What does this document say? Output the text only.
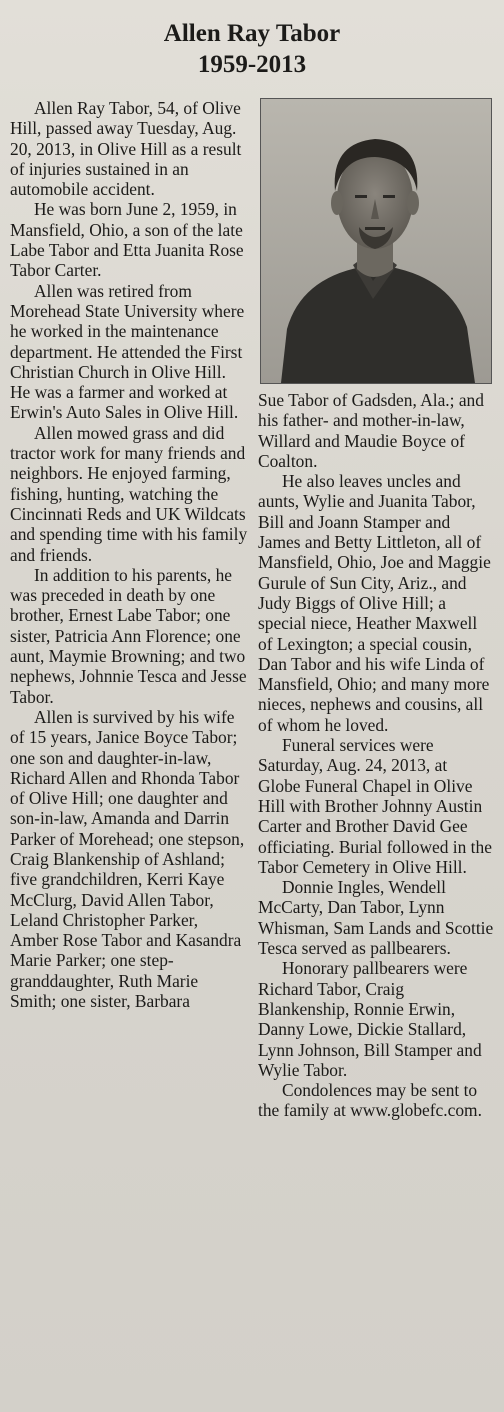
Allen Ray Tabor
1959-2013

Allen Ray Tabor, 54, of Olive Hill, passed away Tuesday, Aug. 20, 2013, in Olive Hill as a result of injuries sustained in an automobile accident.

He was born June 2, 1959, in Mansfield, Ohio, a son of the late Labe Tabor and Etta Juanita Rose Tabor Carter.

Allen was retired from Morehead State University where he worked in the maintenance department. He attended the First Christian Church in Olive Hill. He was a farmer and worked at Erwin's Auto Sales in Olive Hill.

Allen mowed grass and did tractor work for many friends and neighbors. He enjoyed farming, fishing, hunting, watching the Cincinnati Reds and UK Wildcats and spending time with his family and friends.

In addition to his parents, he was preceded in death by one brother, Ernest Labe Tabor; one sister, Patricia Ann Florence; one aunt, Maymie Browning; and two nephews, Johnnie Tesca and Jesse Tabor.

Allen is survived by his wife of 15 years, Janice Boyce Tabor; one son and daughter-in-law, Richard Allen and Rhonda Tabor of Olive Hill; one daughter and son-in-law, Amanda and Darrin Parker of Morehead; one stepson, Craig Blankenship of Ashland; five grandchildren, Kerri Kaye McClurg, David Allen Tabor, Leland Christopher Parker, Amber Rose Tabor and Kasandra Marie Parker; one step-granddaughter, Ruth Marie Smith; one sister, Barbara

Sue Tabor of Gadsden, Ala.; and his father- and mother-in-law, Willard and Maudie Boyce of Coalton.

He also leaves uncles and aunts, Wylie and Juanita Tabor, Bill and Joann Stamper and James and Betty Littleton, all of Mansfield, Ohio, Joe and Maggie Gurule of Sun City, Ariz., and Judy Biggs of Olive Hill; a special niece, Heather Maxwell of Lexington; a special cousin, Dan Tabor and his wife Linda of Mansfield, Ohio; and many more nieces, nephews and cousins, all of whom he loved.

Funeral services were Saturday, Aug. 24, 2013, at Globe Funeral Chapel in Olive Hill with Brother Johnny Austin Carter and Brother David Gee officiating. Burial followed in the Tabor Cemetery in Olive Hill.

Donnie Ingles, Wendell McCarty, Dan Tabor, Lynn Whisman, Sam Lands and Scottie Tesca served as pallbearers.

Honorary pallbearers were Richard Tabor, Craig Blankenship, Ronnie Erwin, Danny Lowe, Dickie Stallard, Lynn Johnson, Bill Stamper and Wylie Tabor.

Condolences may be sent to the family at www.globefc.com.
